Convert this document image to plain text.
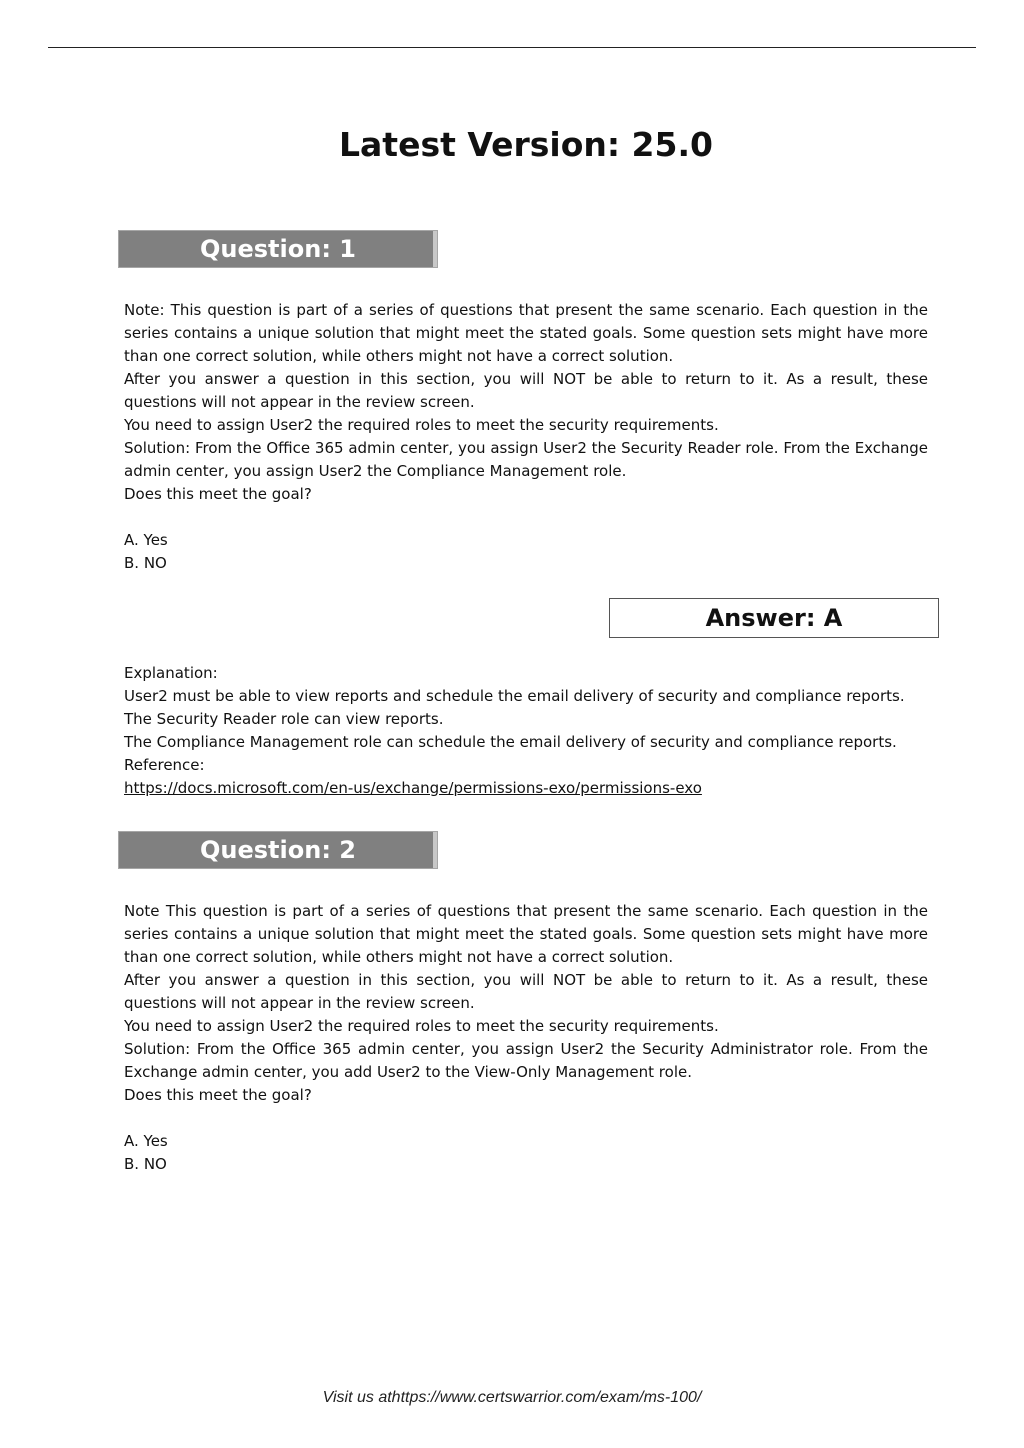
Latest Version: 25.0
Question: 1

Note: This question is part of a series of questions that present the same scenario. Each question in the series contains a unique solution that might meet the stated goals. Some question sets might have more than one correct solution, while others might not have a correct solution.

After you answer a question in this section, you will NOT be able to return to it. As a result, these questions will not appear in the review screen.

You need to assign User2 the required roles to meet the security requirements.

Solution: From the Office 365 admin center, you assign User2 the Security Reader role. From the Exchange admin center, you assign User2 the Compliance Management role.

Does this meet the goal?

A. Yes
B. NO
Answer: A

Explanation:

User2 must be able to view reports and schedule the email delivery of security and compliance reports.

The Security Reader role can view reports.

The Compliance Management role can schedule the email delivery of security and compliance reports.

Reference:

https://docs.microsoft.com/en-us/exchange/permissions-exo/permissions-exo

Question: 2

Note This question is part of a series of questions that present the same scenario. Each question in the series contains a unique solution that might meet the stated goals. Some question sets might have more than one correct solution, while others might not have a correct solution.

After you answer a question in this section, you will NOT be able to return to it. As a result, these questions will not appear in the review screen.

You need to assign User2 the required roles to meet the security requirements.

Solution: From the Office 365 admin center, you assign User2 the Security Administrator role. From the Exchange admin center, you add User2 to the View-Only Management role.

Does this meet the goal?

A. Yes
B. NO
Visit us athttps://www.certswarrior.com/exam/ms-100/
